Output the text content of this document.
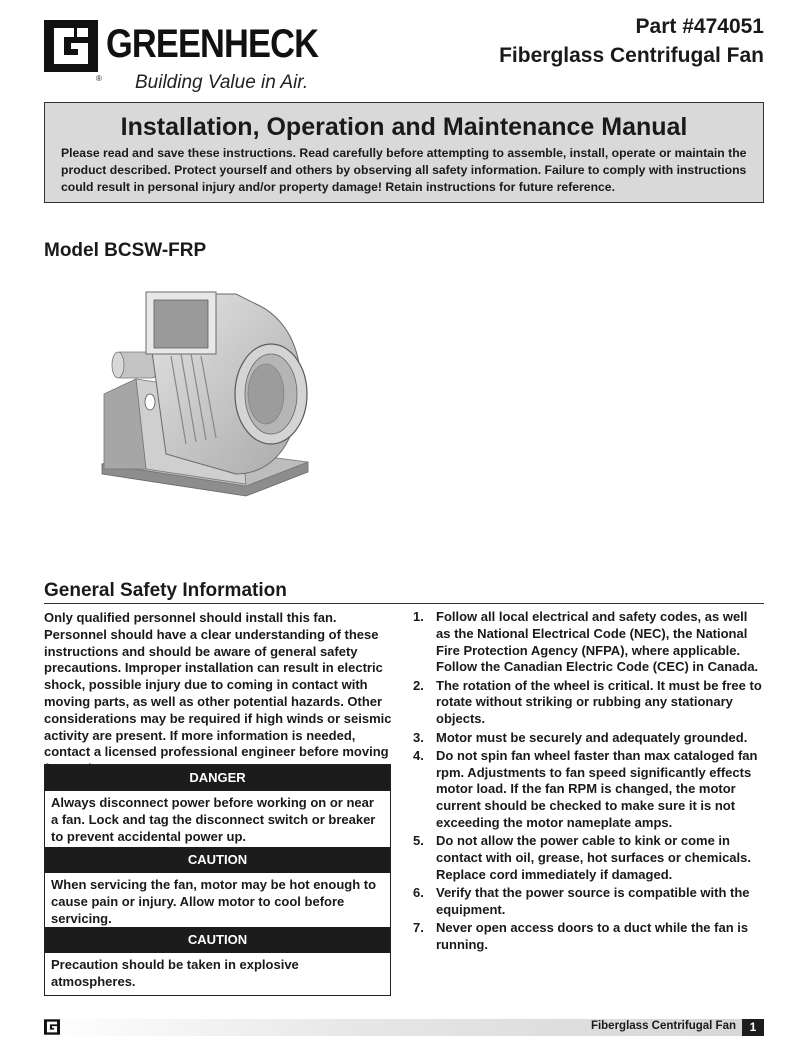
GREENHECK
® Building Value in Air.
Part #474051
Fiberglass Centrifugal Fan
Installation, Operation and Maintenance Manual
Please read and save these instructions. Read carefully before attempting to assemble, install, operate or maintain the product described. Protect yourself and others by observing all safety information. Failure to comply with instructions could result in personal injury and/or property damage! Retain instructions for future reference.
Model BCSW-FRP
General Safety Information
Only qualified personnel should install this fan. Personnel should have a clear understanding of these instructions and should be aware of general safety precautions. Improper installation can result in electric shock, possible injury due to coming in contact with moving parts, as well as other potential hazards. Other considerations may be required if high winds or seismic activity are present. If more information is needed, contact a licensed professional engineer before moving
DANGER
Always disconnect power before working on or near a fan. Lock and tag the disconnect switch or breaker to prevent accidental power up.
CAUTION
When servicing the fan, motor may be hot enough to cause pain or injury. Allow motor to cool before servicing.
CAUTION
Precaution should be taken in explosive atmospheres.
1. Follow all local electrical and safety codes, as well as the National Electrical Code (NEC), the National Fire Protection Agency (NFPA), where applicable. Follow the Canadian Electric Code (CEC) in Canada.
2. The rotation of the wheel is critical. It must be free to rotate without striking or rubbing any stationary objects.
3. Motor must be securely and adequately grounded.
4. Do not spin fan wheel faster than max cataloged fan rpm. Adjustments to fan speed significantly effects motor load. If the fan RPM is changed, the motor current should be checked to make sure it is not exceeding the motor nameplate amps.
5. Do not allow the power cable to kink or come in contact with oil, grease, hot surfaces or chemicals. Replace cord immediately if damaged.
6. Verify that the power source is compatible with the equipment.
7. Never open access doors to a duct while the fan is running.
Fiberglass Centrifugal Fan	1
